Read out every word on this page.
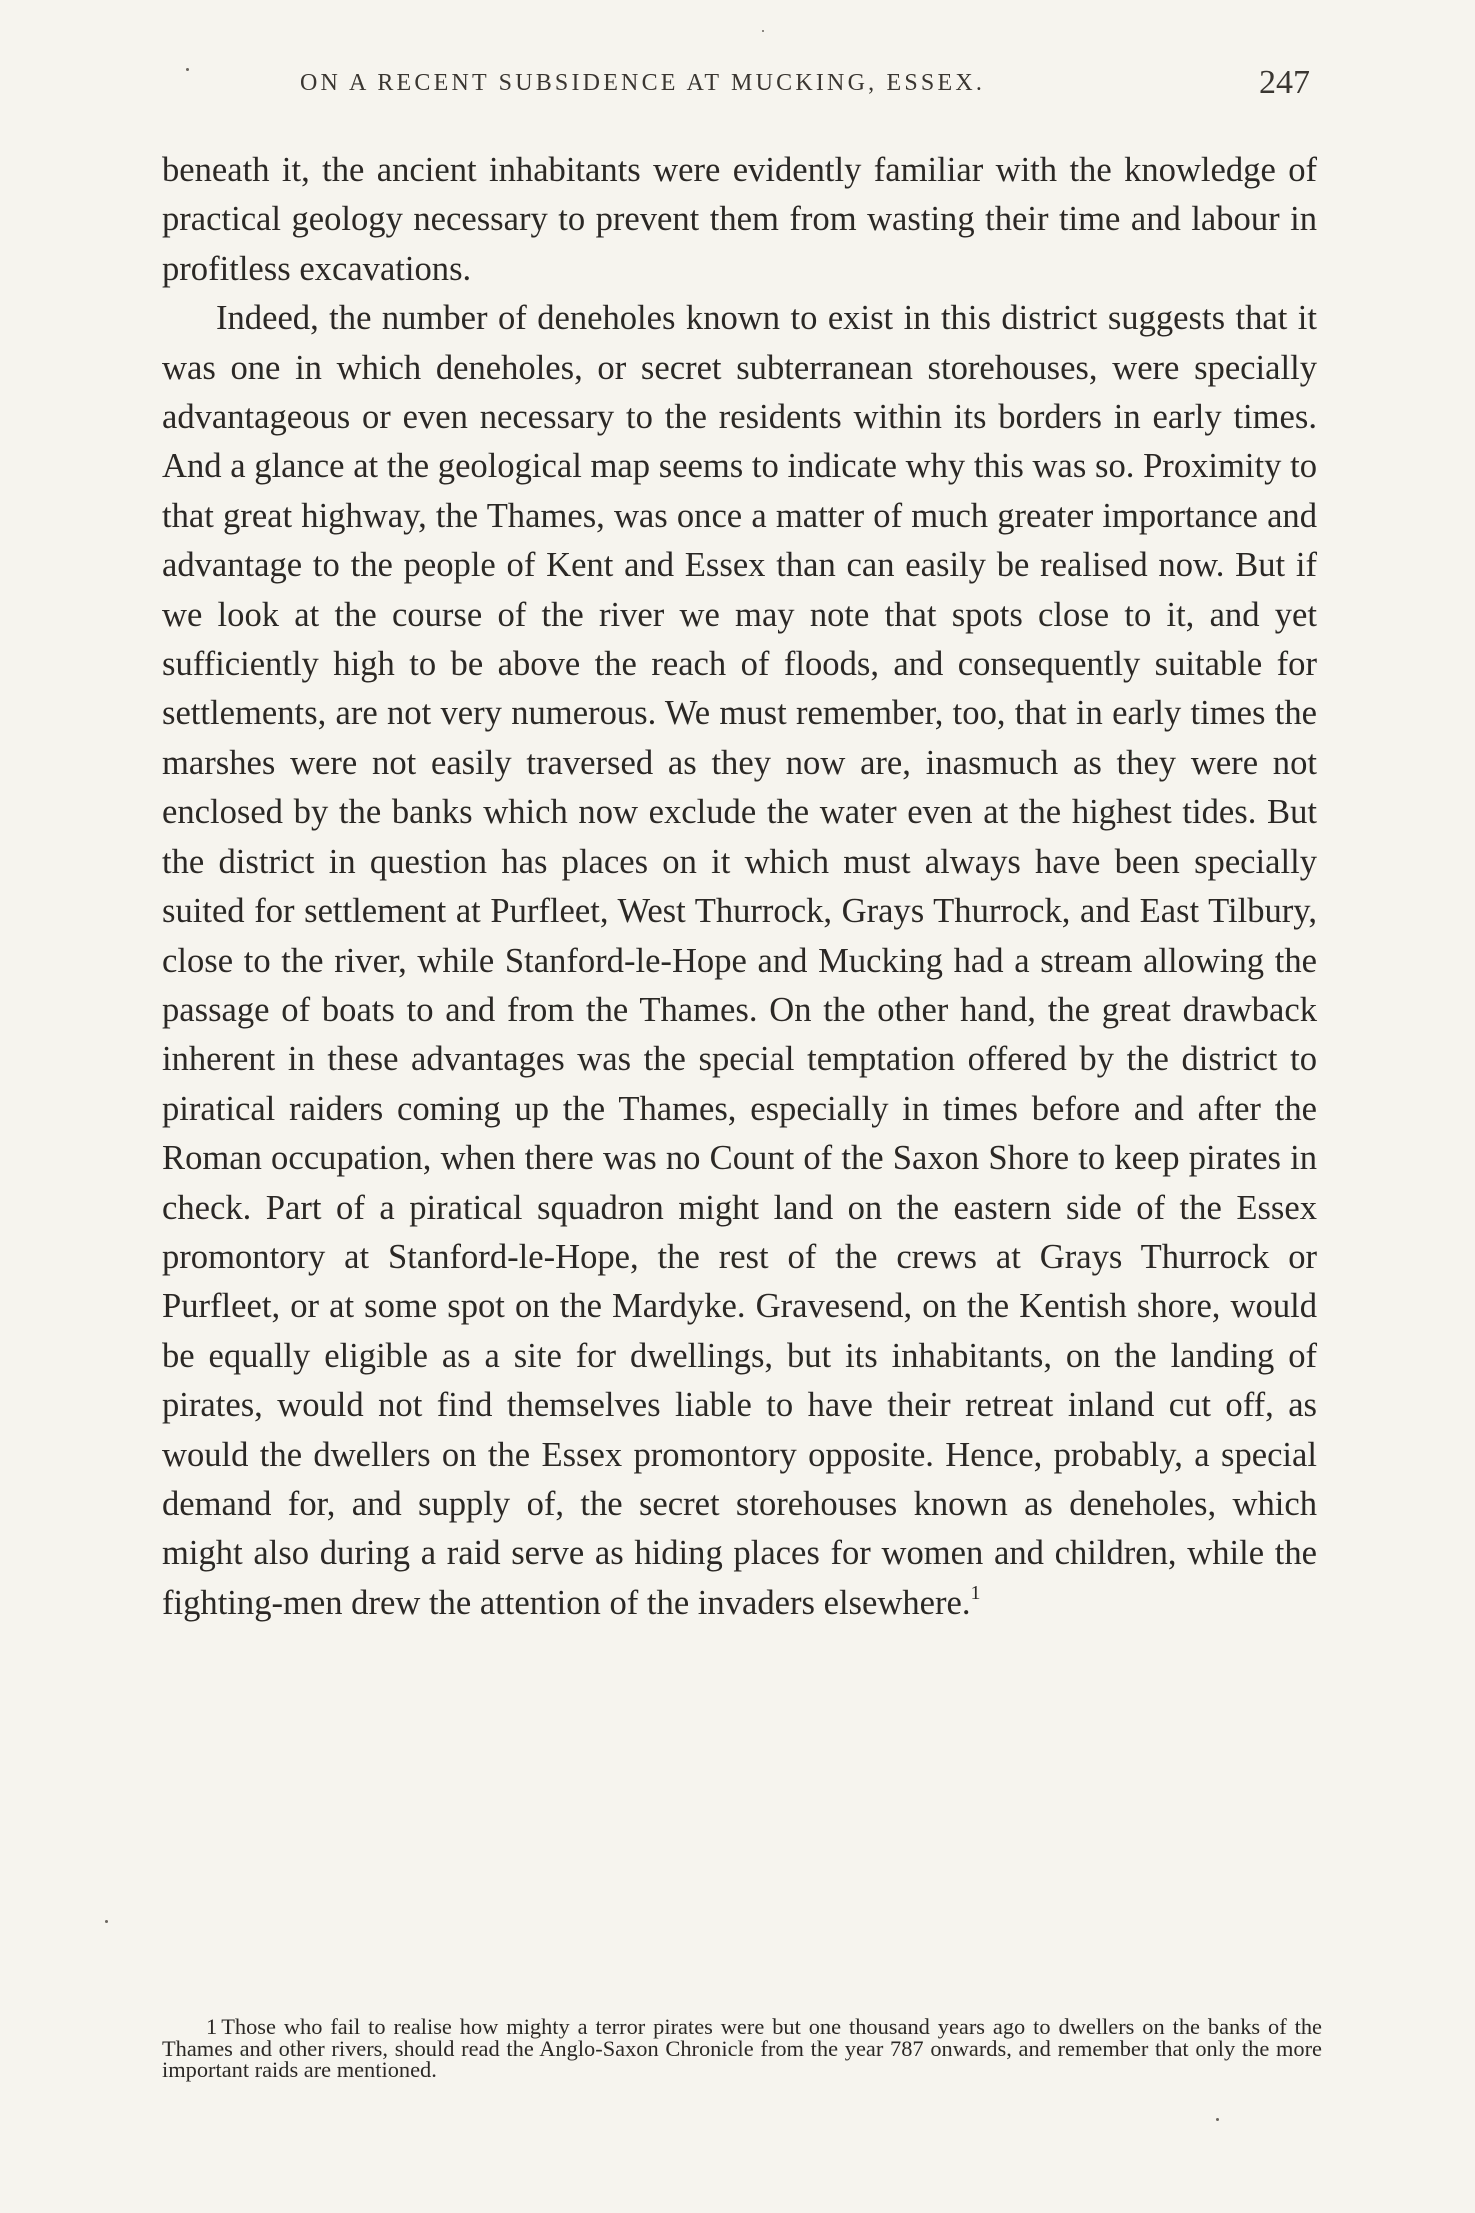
ON A RECENT SUBSIDENCE AT MUCKING, ESSEX.	247

beneath it, the ancient inhabitants were evidently familiar with the knowledge of practical geology necessary to prevent them from wasting their time and labour in profitless excavations.

Indeed, the number of deneholes known to exist in this district suggests that it was one in which deneholes, or secret subterranean storehouses, were specially advantageous or even necessary to the residents within its borders in early times. And a glance at the geological map seems to indicate why this was so. Proximity to that great highway, the Thames, was once a matter of much greater importance and advantage to the people of Kent and Essex than can easily be realised now. But if we look at the course of the river we may note that spots close to it, and yet sufficiently high to be above the reach of floods, and consequently suitable for settlements, are not very numerous. We must remember, too, that in early times the marshes were not easily traversed as they now are, inasmuch as they were not enclosed by the banks which now exclude the water even at the highest tides. But the district in question has places on it which must always have been specially suited for settlement at Purfleet, West Thurrock, Grays Thurrock, and East Tilbury, close to the river, while Stanford-le-Hope and Mucking had a stream allowing the passage of boats to and from the Thames. On the other hand, the great drawback inherent in these advantages was the special temptation offered by the district to piratical raiders coming up the Thames, especially in times before and after the Roman occupation, when there was no Count of the Saxon Shore to keep pirates in check. Part of a piratical squadron might land on the eastern side of the Essex promontory at Stanford-le-Hope, the rest of the crews at Grays Thurrock or Purfleet, or at some spot on the Mardyke. Gravesend, on the Kentish shore, would be equally eligible as a site for dwellings, but its inhabitants, on the landing of pirates, would not find themselves liable to have their retreat inland cut off, as would the dwellers on the Essex promontory opposite. Hence, probably, a special demand for, and supply of, the secret storehouses known as deneholes, which might also during a raid serve as hiding places for women and children, while the fighting-men drew the attention of the invaders elsewhere.$^1$

1 Those who fail to realise how mighty a terror pirates were but one thousand years ago to dwellers on the banks of the Thames and other rivers, should read the Anglo-Saxon Chronicle from the year 787 onwards, and remember that only the more important raids are mentioned.
